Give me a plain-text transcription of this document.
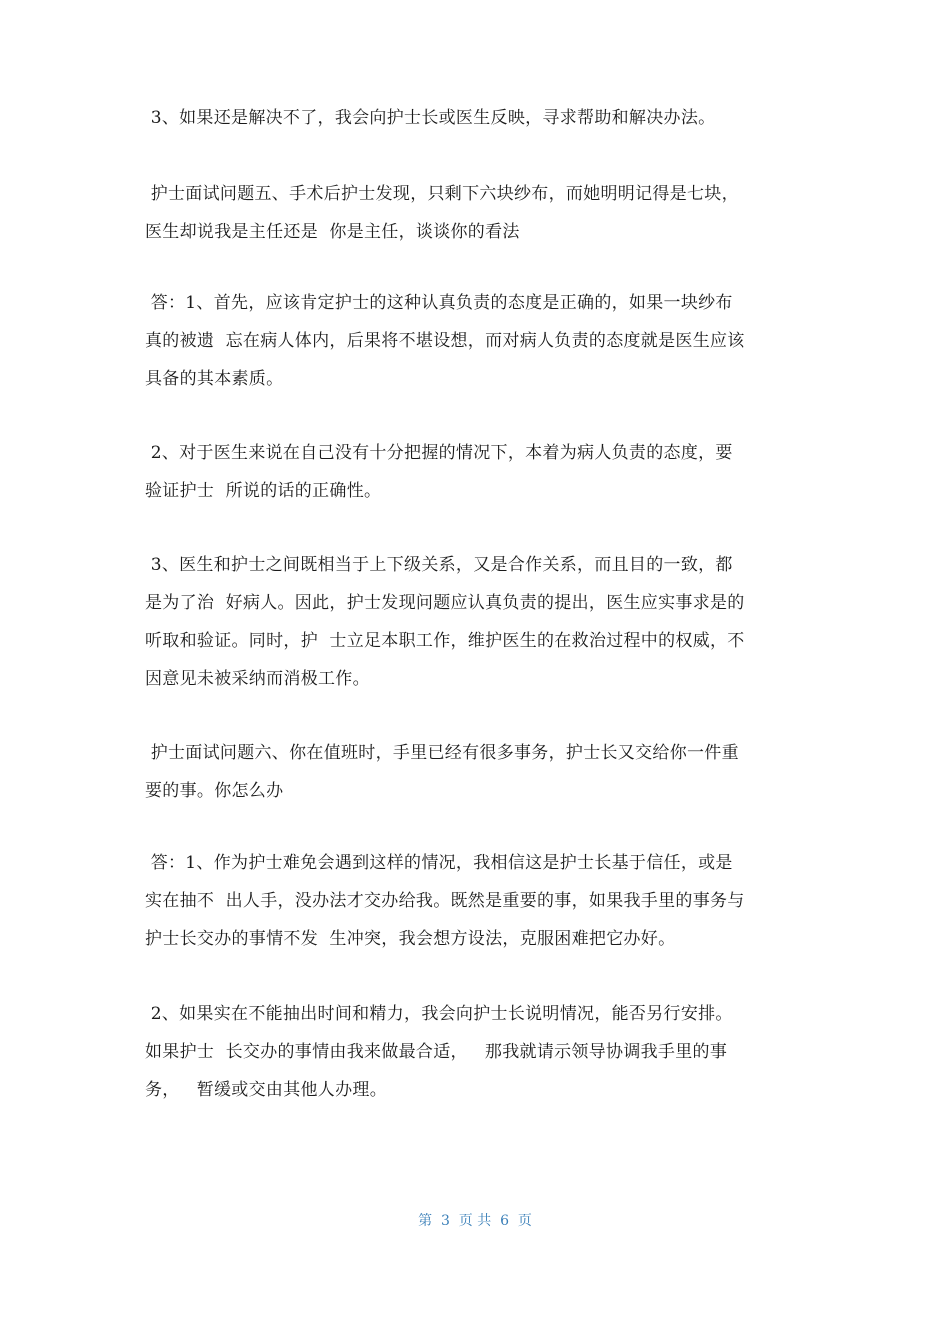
3、如果还是解决不了，我会向护士长或医生反映，寻求帮助和解决办法。
护士面试问题五、手术后护士发现，只剩下六块纱布，而她明明记得是七块，
医生却说我是主任还是  你是主任，谈谈你的看法
答：1、首先，应该肯定护士的这种认真负责的态度是正确的，如果一块纱布
真的被遗  忘在病人体内，后果将不堪设想，而对病人负责的态度就是医生应该
具备的其本素质。
2、对于医生来说在自己没有十分把握的情况下，本着为病人负责的态度，要
验证护士  所说的话的正确性。
3、医生和护士之间既相当于上下级关系，又是合作关系，而且目的一致，都
是为了治  好病人。因此，护士发现问题应认真负责的提出，医生应实事求是的
听取和验证。同时，护  士立足本职工作，维护医生的在救治过程中的权威，不
因意见未被采纳而消极工作。
护士面试问题六、你在值班时，手里已经有很多事务，护士长又交给你一件重
要的事。你怎么办
答：1、作为护士难免会遇到这样的情况，我相信这是护士长基于信任，或是
实在抽不  出人手，没办法才交办给我。既然是重要的事，如果我手里的事务与
护士长交办的事情不发  生冲突，我会想方设法，克服困难把它办好。
2、如果实在不能抽出时间和精力，我会向护士长说明情况，能否另行安排。
如果护士  长交办的事情由我来做最合适，   那我就请示领导协调我手里的事
务，   暂缓或交由其他人办理。
第  3  页 共  6  页
